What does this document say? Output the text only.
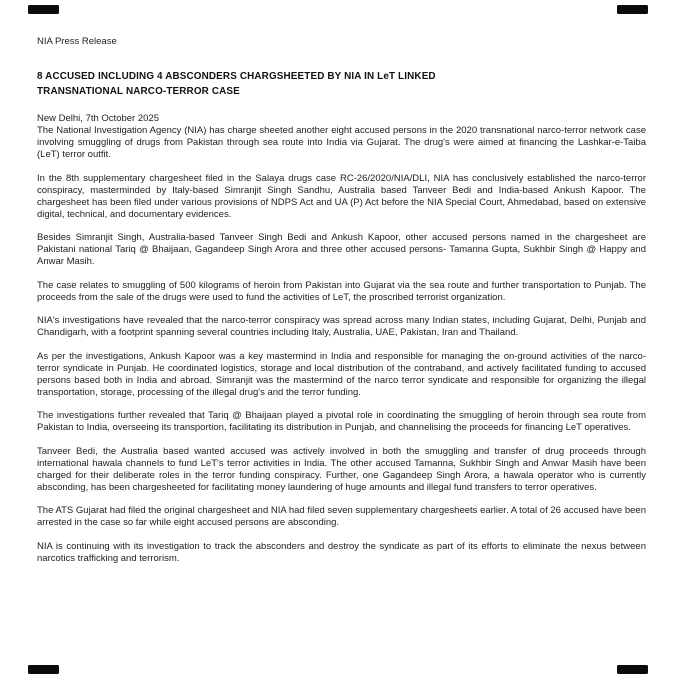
NIA Press Release
8 ACCUSED INCLUDING 4 ABSCONDERS CHARGSHEETED BY NIA IN LeT LINKED
TRANSNATIONAL NARCO-TERROR CASE
New Delhi, 7th October 2025

The National Investigation Agency (NIA) has charge sheeted another eight accused persons in the 2020 transnational narco-terror network case involving smuggling of drugs from Pakistan through sea route into India via Gujarat. The drug's were aimed at financing the Lashkar-e-Taiba (LeT) terror outfit.

In the 8th supplementary chargesheet filed in the Salaya drugs case RC-26/2020/NIA/DLI, NIA has conclusively established the narco-terror conspiracy, masterminded by Italy-based Simranjit Singh Sandhu, Australia based Tanveer Bedi and India-based Ankush Kapoor. The chargesheet has been filed under various provisions of NDPS Act and UA (P) Act before the NIA Special Court, Ahmedabad, based on extensive digital, technical, and documentary evidences.

Besides Simranjit Singh, Australia-based Tanveer Singh Bedi and Ankush Kapoor, other accused persons named in the chargesheet are Pakistani national Tariq @ Bhaijaan, Gagandeep Singh Arora and three other accused persons- Tamanna Gupta, Sukhbir Singh @ Happy and Anwar Masih.

The case relates to smuggling of 500 kilograms of heroin from Pakistan into Gujarat via the sea route and further transportation to Punjab. The proceeds from the sale of the drugs were used to fund the activities of LeT, the proscribed terrorist organization.

NIA's investigations have revealed that the narco-terror conspiracy was spread across many Indian states, including Gujarat, Delhi, Punjab and Chandigarh, with a footprint spanning several countries including Italy, Australia, UAE, Pakistan, Iran and Thailand.

As per the investigations, Ankush Kapoor was a key mastermind in India and responsible for managing the on-ground activities of the narco-terror syndicate in Punjab. He coordinated logistics, storage and local distribution of the contraband, and actively facilitated funding to accused persons based both in India and abroad. Simranjit was the mastermind of the narco terror syndicate and responsible for organizing the illegal transportation, storage, processing of the illegal drug's and the terror funding.

The investigations further revealed that Tariq @ Bhaijaan played a pivotal role in coordinating the smuggling of heroin through sea route from Pakistan to India, overseeing its transportion, facilitating its distribution in Punjab, and channelising the proceeds for financing LeT operatives.

Tanveer Bedi, the Australia based wanted accused was actively involved in both the smuggling and transfer of drug proceeds through international hawala channels to fund LeT's terror activities in India. The other accused Tamanna, Sukhbir Singh and Anwar Masih have been charged for their deliberate roles in the terror funding conspiracy. Further, one Gagandeep Singh Arora, a hawala operator who is currently absconding, has been chargesheeted for facilitating money laundering of huge amounts and illegal fund transfers to terror operatives.

The ATS Gujarat had filed the original chargesheet and NIA had filed seven supplementary chargesheets earlier. A total of 26 accused have been arrested in the case so far while eight accused persons are absconding.

NIA is continuing with its investigation to track the absconders and destroy the syndicate as part of its efforts to eliminate the nexus between narcotics trafficking and terrorism.
